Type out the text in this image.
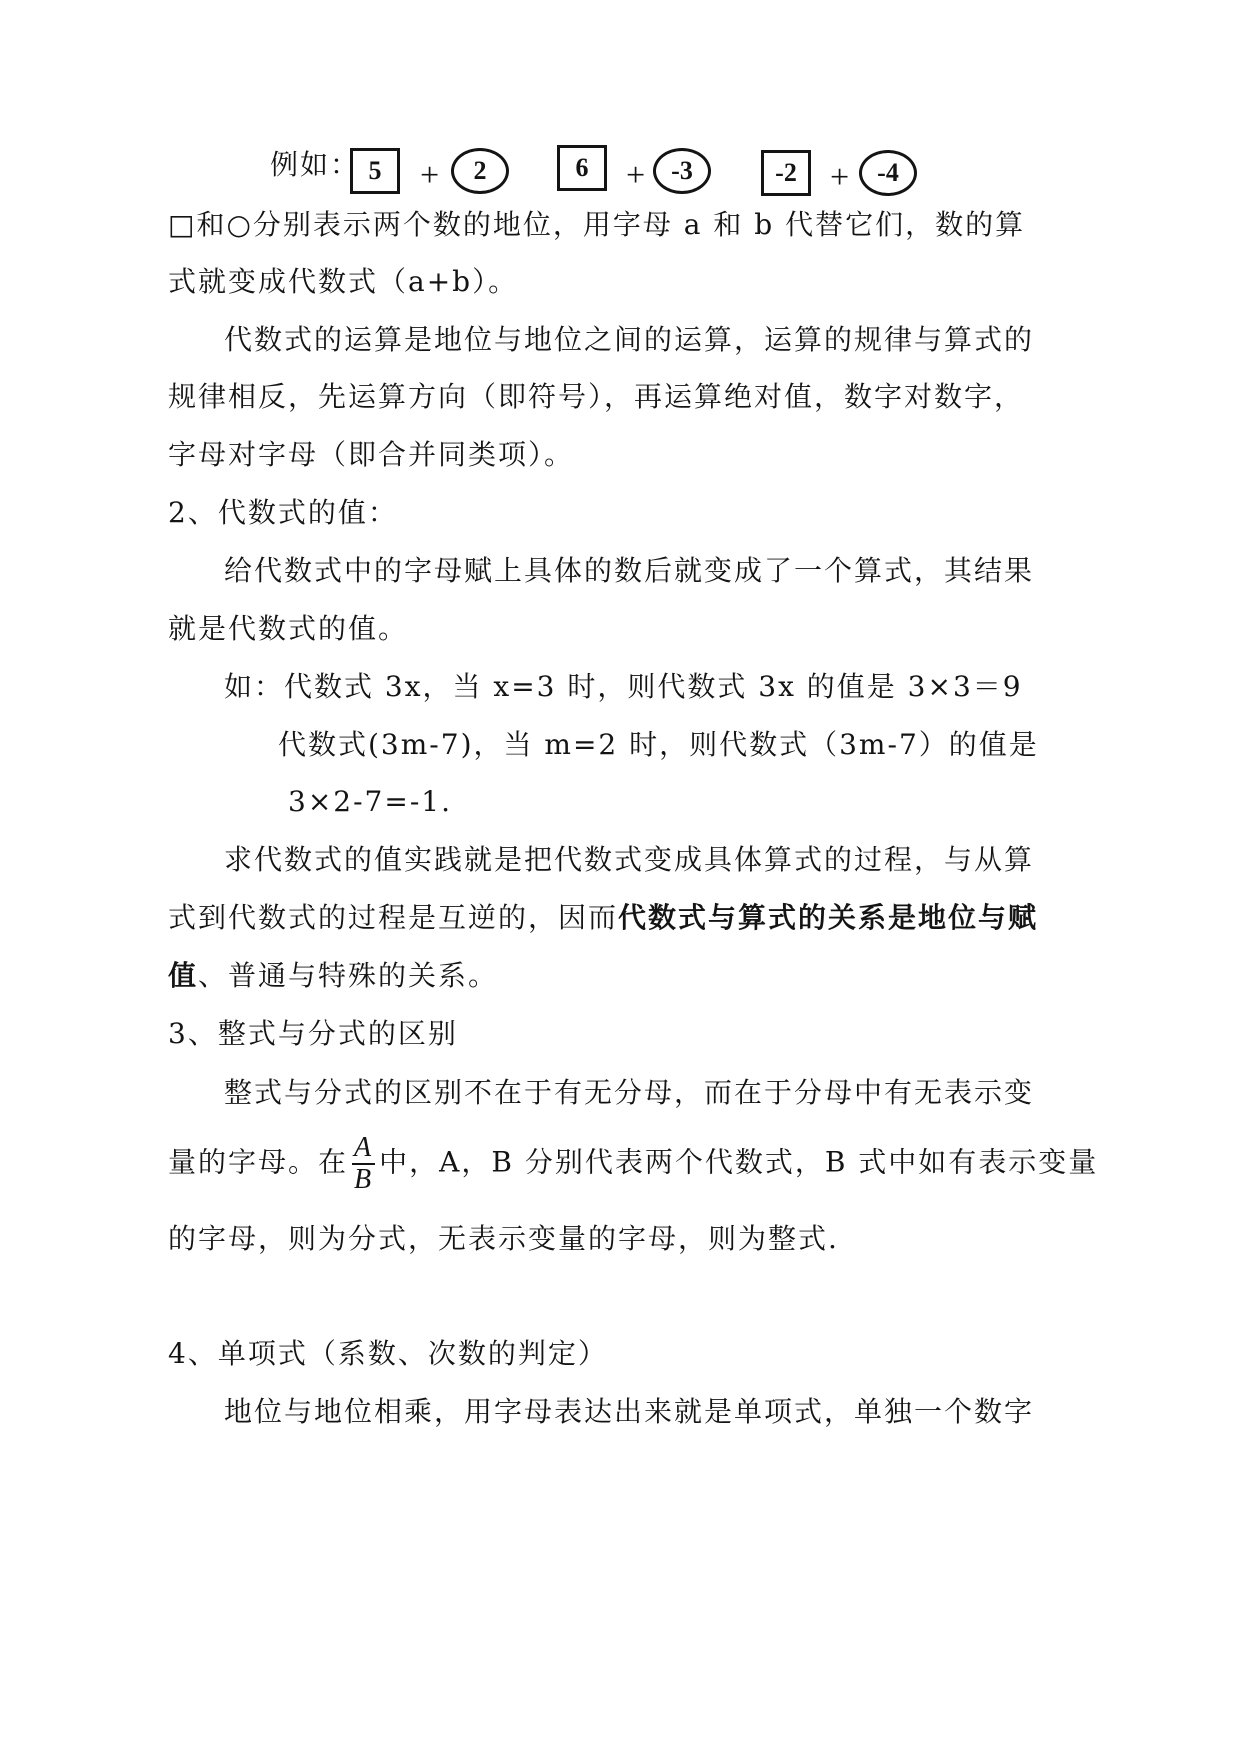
例如： 5	+	2	6	+ -3	-2 +	-4
□和○分别表示两个数的地位，用字母 a 和 b 代替它们，数的算
式就变成代数式（a+b）。
代数式的运算是地位与地位之间的运算，运算的规律与算式的
规律相反，先运算方向（即符号），再运算绝对值，数字对数字，
字母对字母（即合并同类项）。
2、代数式的值：
给代数式中的字母赋上具体的数后就变成了一个算式，其结果
就是代数式的值。
如：代数式 3x，当 x=3 时，则代数式 3x 的值是 3×3＝9
代数式(3m-7)，当 m=2 时，则代数式（3m-7）的值是
3×2-7=-1.
求代数式的值实践就是把代数式变成具体算式的过程，与从算
式到代数式的过程是互逆的，因而代数式与算式的关系是地位与赋
值、普通与特殊的关系。
3、整式与分式的区别
整式与分式的区别不在于有无分母，而在于分母中有无表示变
量的字母。在 $\frac{A}{B}$ 中，A，B 分别代表两个代数式，B 式中如有表示变量
的字母，则为分式，无表示变量的字母，则为整式.
4、单项式（系数、次数的判定）
地位与地位相乘，用字母表达出来就是单项式，单独一个数字
